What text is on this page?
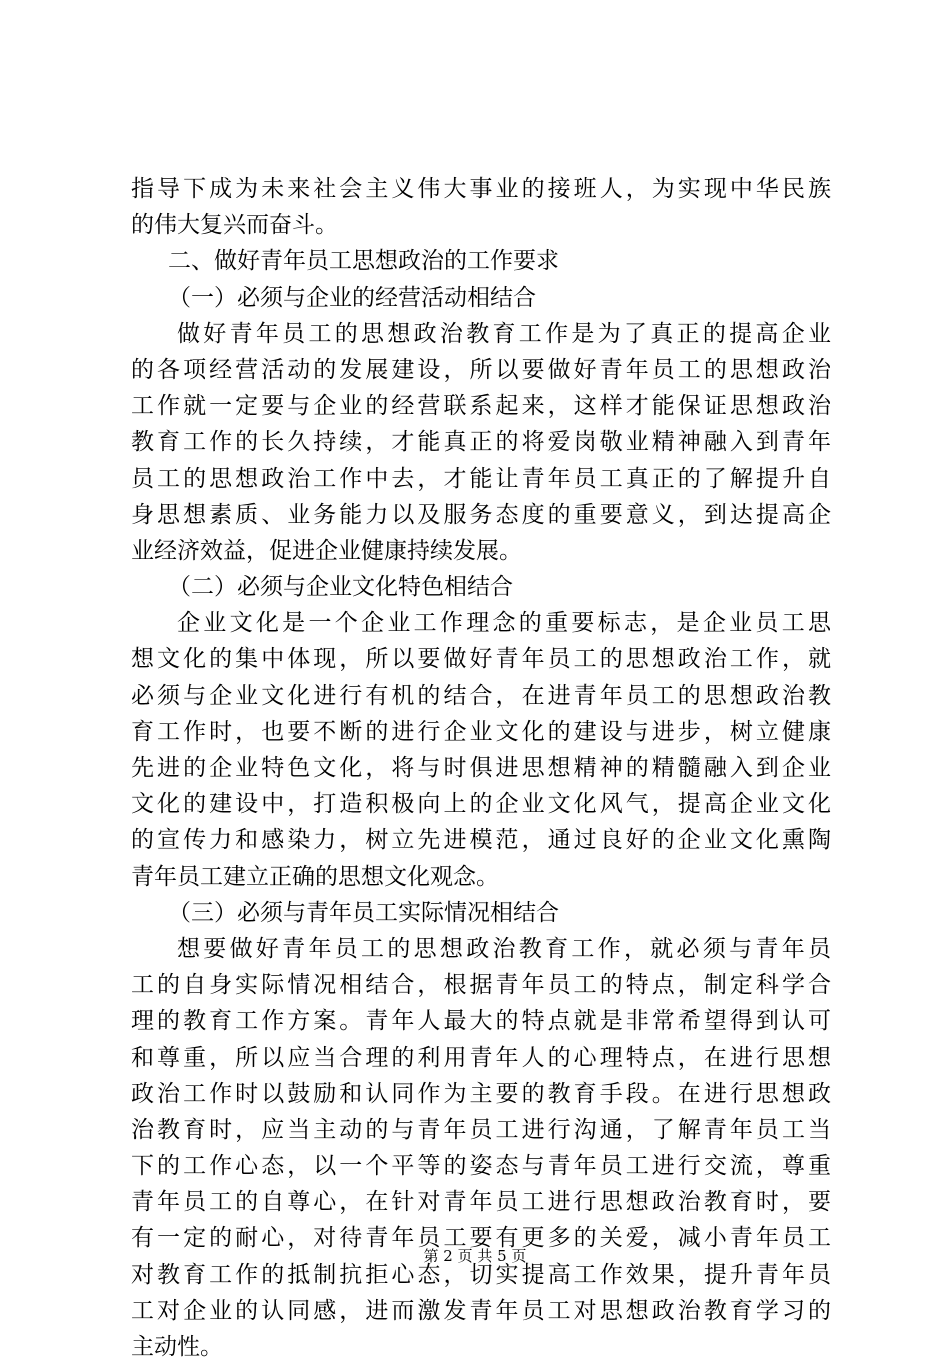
指导下成为未来社会主义伟大事业的接班人，为实现中华民族
的伟大复兴而奋斗。
二、做好青年员工思想政治的工作要求
（一）必须与企业的经营活动相结合
做好青年员工的思想政治教育工作是为了真正的提高企业
的各项经营活动的发展建设，所以要做好青年员工的思想政治
工作就一定要与企业的经营联系起来，这样才能保证思想政治
教育工作的长久持续，才能真正的将爱岗敬业精神融入到青年
员工的思想政治工作中去，才能让青年员工真正的了解提升自
身思想素质、业务能力以及服务态度的重要意义，到达提高企
业经济效益，促进企业健康持续发展。
（二）必须与企业文化特色相结合
企业文化是一个企业工作理念的重要标志，是企业员工思
想文化的集中体现，所以要做好青年员工的思想政治工作，就
必须与企业文化进行有机的结合，在进青年员工的思想政治教
育工作时，也要不断的进行企业文化的建设与进步，树立健康
先进的企业特色文化，将与时俱进思想精神的精髓融入到企业
文化的建设中，打造积极向上的企业文化风气，提高企业文化
的宣传力和感染力，树立先进模范，通过良好的企业文化熏陶
青年员工建立正确的思想文化观念。
（三）必须与青年员工实际情况相结合
想要做好青年员工的思想政治教育工作，就必须与青年员
工的自身实际情况相结合，根据青年员工的特点，制定科学合
理的教育工作方案。青年人最大的特点就是非常希望得到认可
和尊重，所以应当合理的利用青年人的心理特点，在进行思想
政治工作时以鼓励和认同作为主要的教育手段。在进行思想政
治教育时，应当主动的与青年员工进行沟通，了解青年员工当
下的工作心态，以一个平等的姿态与青年员工进行交流，尊重
青年员工的自尊心，在针对青年员工进行思想政治教育时，要
有一定的耐心，对待青年员工要有更多的关爱，减小青年员工
对教育工作的抵制抗拒心态，切实提高工作效果，提升青年员
工对企业的认同感，进而激发青年员工对思想政治教育学习的
主动性。
第 2 页 共 5 页
